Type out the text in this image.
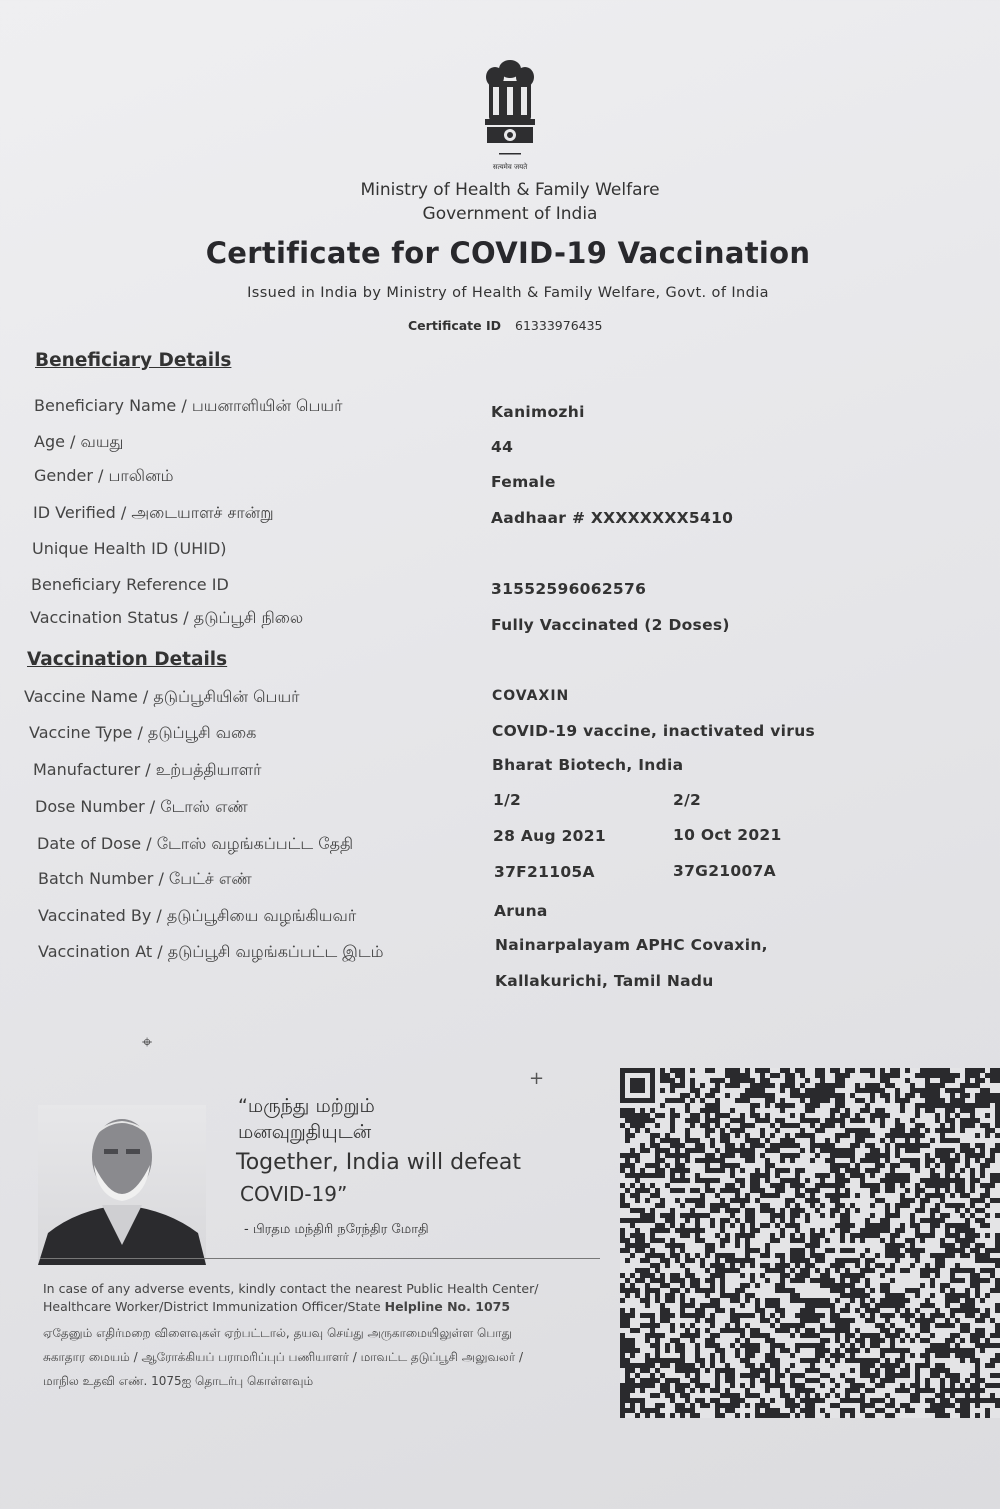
सत्यमेव जयते
Ministry of Health & Family Welfare
Government of India
Certificate for COVID-19 Vaccination
Issued in India by Ministry of Health & Family Welfare, Govt. of India
Certificate ID 61333976435
Beneficiary Details
Beneficiary Name / பயனாளியின் பெயர்	Kanimozhi
Age / வயது	44
Gender / பாலினம்	Female
ID Verified / அடையாளச் சான்று	Aadhaar # XXXXXXXX5410
Unique Health ID (UHID)
Beneficiary Reference ID	31552596062576
Vaccination Status / தடுப்பூசி நிலை	Fully Vaccinated (2 Doses)
Vaccination Details
Vaccine Name / தடுப்பூசியின் பெயர்	COVAXIN
Vaccine Type / தடுப்பூசி வகை	COVID-19 vaccine, inactivated virus
Manufacturer / உற்பத்தியாளர்	Bharat Biotech, India
Dose Number / டோஸ் எண்	1/2	2/2
Date of Dose / டோஸ் வழங்கப்பட்ட தேதி	28 Aug 2021	10 Oct 2021
Batch Number / பேட்ச் எண்	37F21105A	37G21007A
Vaccinated By / தடுப்பூசியை வழங்கியவர்	Aruna
Vaccination At / தடுப்பூசி வழங்கப்பட்ட இடம்	Nainarpalayam APHC Covaxin,
Kallakurichi, Tamil Nadu
⌖
+
“மருந்து மற்றும்
மனவுறுதியுடன்
Together, India will defeat
COVID-19”
- பிரதம மந்திரி நரேந்திர மோதி
In case of any adverse events, kindly contact the nearest Public Health Center/
Healthcare Worker/District Immunization Officer/State Helpline No. 1075
ஏதேனும் எதிர்மறை விளைவுகள் ஏற்பட்டால், தயவு செய்து அருகாமையிலுள்ள பொது
சுகாதார மையம் / ஆரோக்கியப் பராமரிப்புப் பணியாளர் / மாவட்ட தடுப்பூசி அலுவலர் /
மாநில உதவி எண். 1075ஐ தொடர்பு கொள்ளவும்
